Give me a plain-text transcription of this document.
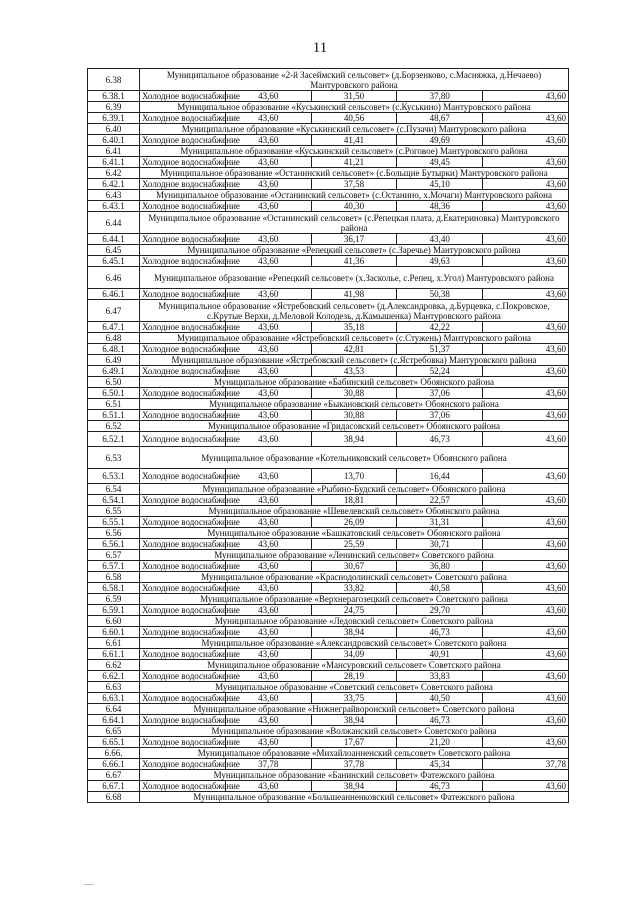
11
6.38	Муниципальное образование «2-й Засеймский сельсовет» (д.Борзенково, с.Масняжка, д.Нечаево) Мантуровского района				
6.38.1	Холодное водоснабжение	43,60	31,50	37,80	43,60
6.39	Муниципальное образование «Куськинский сельсовет» (с.Куськино) Мантуровского района				
6.39.1	Холодное водоснабжение	43,60	40,56	48,67	43,60
6.40	Муниципальное образование «Куськинский сельсовет» (с.Пузачи) Мантуровского района				
6.40.1	Холодное водоснабжение	43,60	41,41	49,69	43,60
6.41	Муниципальное образование «Куськинский сельсовет» (с.Роговое) Мантуровского района				
6.41.1	Холодное водоснабжение	43,60	41,21	49,45	43,60
6.42	Муниципальное образование «Останинский сельсовет» (с.Больщие Бутырки) Мантуровского района				
6.42.1	Холодное водоснабжение	43,60	37,58	45,10	43,60
6.43	Муниципальное образование «Останинский сельсовет» (с.Останино, х.Мочаги) Мантуровского района				
6.43.1	Холодное водоснабжение	43,60	40,30	48,36	43,60
6.44	Муниципальное образование «Останинский сельсовет» (с.Репецкая плата, д.Екатериновка) Мантуровского района				
6.44.1	Холодное водоснабжение	43,60	36,17	43,40	43,60
6.45	Муниципальное образование «Репецкий сельсовет» (с.Заречье) Мантуровского района				
6.45.1	Холодное водоснабжение	43,60	41,36	49,63	43,60
6.46	Муниципальное образование «Репецкий сельсовет» (х.Засколье, с.Репец, х.Угол) Мантуровского района				
6.46.1	Холодное водоснабжение	43,60	41,98	50,38	43,60
6.47	Муниципальное образование «Ястребовский сельсовет» (д.Александровка, д.Бурцевка, с.Покровское, с.Крутые Верхи, д.Меловой Колодезь, д.Камышенка) Мантуровского района				
6.47.1	Холодное водоснабжение	43,60	35,18	42,22	43,60
6.48	Муниципальное образование «Ястребовский сельсовет» (с.Стужень) Мантуровского района				
6.48.1	Холодное водоснабжение	43,60	42,81	51,37	43,60
6.49	Муниципальное образование «Ястребовский сельсовет» (с.Ястребовка) Мантуровского района				
6.49.1	Холодное водоснабжение	43,60	43,53	52,24	43,60
6.50	Муниципальное образование «Бабинский сельсовет» Обоянского района				
6.50.1	Холодное водоснабжение	43,60	30,88	37,06	43,60
6.51	Муниципальное образование «Быкановский сельсовет» Обоянского района				
6.51.1	Холодное водоснабжение	43,60	30,88	37,06	43,60
6.52	Муниципальное образование «Гридасовский сельсовет» Обоянского района				
6.52.1	Холодное водоснабжение	43,60	38,94	46,73	43,60
6.53	Муниципальное образование «Котельниковский сельсовет» Обоянского района				
6.53.1	Холодное водоснабжение	43,60	13,70	16,44	43,60
6.54	Муниципальное образование «Рыбино-Будский сельсовет» Обоянского района				
6.54.1	Холодное водоснабжение	43,60	18,81	22,57	43,60
6.55	Муниципальное образование «Шевелевский сельсовет» Обоянского района				
6.55.1	Холодное водоснабжение	43,60	26,09	31,31	43,60
6.56	Муниципальное образование «Башкатовский сельсовет» Обоянского района				
6.56.1	Холодное водоснабжение	43,60	25,59	30,71	43,60
6.57	Муниципальное образование «Ленинский сельсовет» Советского района				
6.57.1	Холодное водоснабжение	43,60	30,67	36,80	43,60
6.58	Муниципальное образование «Краснодолинский сельсовет» Советского района				
6.58.1	Холодное водоснабжение	43,60	33,82	40,58	43,60
6.59	Муниципальное образование «Верхнерагозецкий сельсовет» Советского района				
6.59.1	Холодное водоснабжение	43,60	24,75	29,70	43,60
6.60	Муниципальное образование «Ледовский сельсовет» Советского района				
6.60.1	Холодное водоснабжение	43,60	38,94	46,73	43,60
6.61	Муниципальное образование «Александровский сельсовет» Советского района				
6.61.1	Холодное водоснабжение	43,60	34,09	40,91	43,60
6.62	Муниципальное образование «Мансуровский сельсовет» Советского района				
6.62.1	Холодное водоснабжение	43,60	28,19	33,83	43,60
6.63	Муниципальное образование «Советский сельсовет» Советского района				
6.63.1	Холодное водоснабжение	43,60	33,75	40,50	43,60
6.64	Муниципальное образование «Нижнеграйворонский сельсовет» Советского района				
6.64.1	Холодное водоснабжение	43,60	38,94	46,73	43,60
6.65	Муниципальное образование «Волжанский сельсовет» Советского района				
6.65.1	Холодное водоснабжение	43,60	17,67	21,20	43,60
6.66.	Муниципальное образование «Михайлоанненский сельсовет» Советского района				
6.66.1	Холодное водоснабжение	37,78	37,78	45,34	37,78
6.67	Муниципальное образование «Банинский сельсовет» Фатежского района				
6.67.1	Холодное водоснабжение	43,60	38,94	46,73	43,60
6.68	Муниципальное образование «Большеанненковский сельсовет» Фатежского района				
